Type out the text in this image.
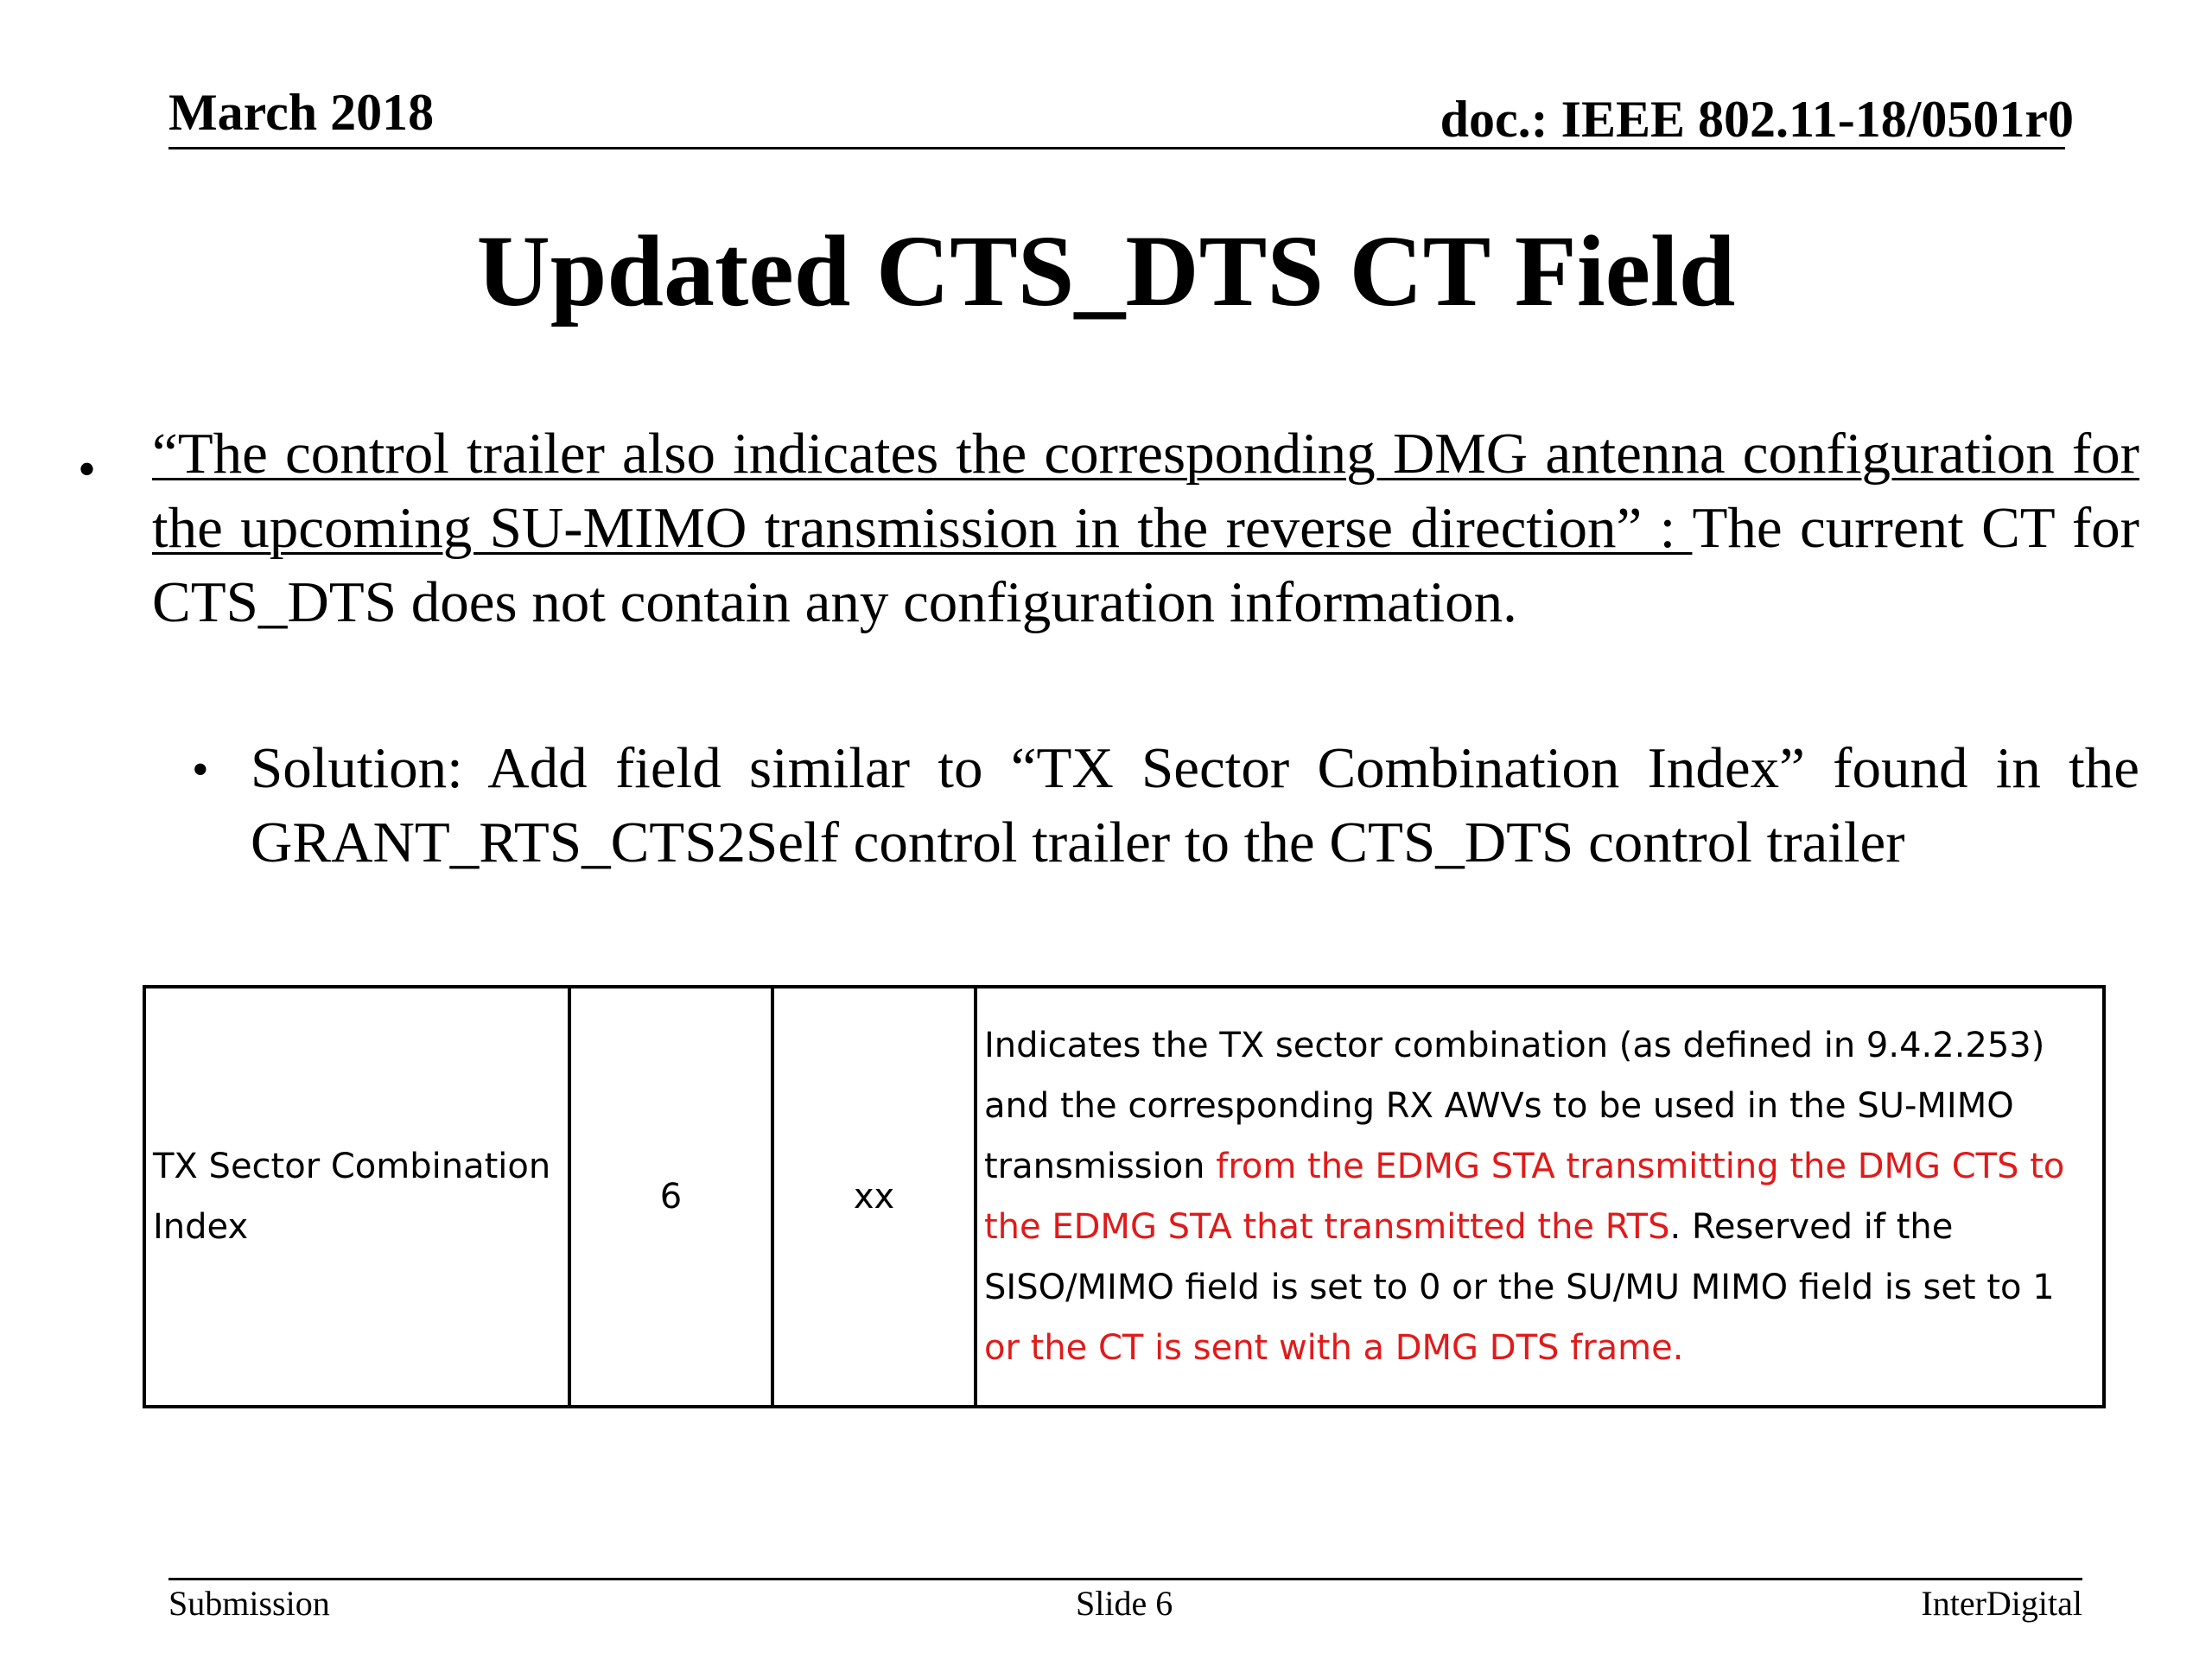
March 2018	doc.: IEEE 802.11-18/0501r0
Updated CTS_DTS CT Field
• “The control trailer also indicates the corresponding DMG antenna configuration for the upcoming SU-MIMO transmission in the reverse direction” : The current CT for CTS_DTS does not contain any configuration information.
• Solution: Add field similar to “TX Sector Combination Index” found in the GRANT_RTS_CTS2Self control trailer to the CTS_DTS control trailer
TX Sector Combination Index	6	xx	Indicates the TX sector combination (as defined in 9.4.2.253) and the corresponding RX AWVs to be used in the SU-MIMO transmission from the EDMG STA transmitting the DMG CTS to the EDMG STA that transmitted the RTS. Reserved if the SISO/MIMO field is set to 0 or the SU/MU MIMO field is set to 1 or the CT is sent with a DMG DTS frame.
Submission	Slide 6	InterDigital
